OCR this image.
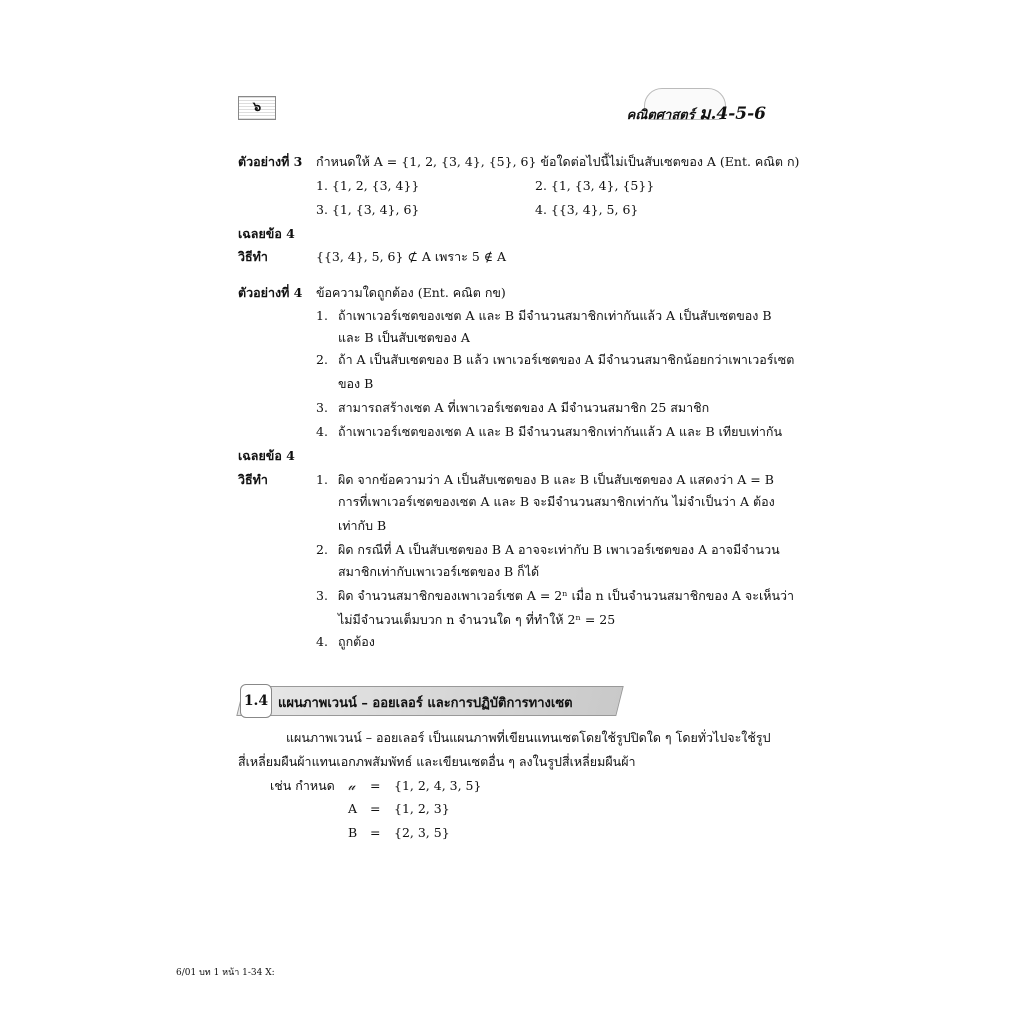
๖
คณิตศาสตร์ ม.4-5-6
ตัวอย่างที่ 3 กำหนดให้ A = {1, 2, {3, 4}, {5}, 6} ข้อใดต่อไปนี้ไม่เป็นสับเซตของ A (Ent. คณิต ก)
1. {1, 2, {3, 4}}	2. {1, {3, 4}, {5}}
3. {1, {3, 4}, 6}	4. {{3, 4}, 5, 6}
เฉลยข้อ 4
วิธีทำ	{{3, 4}, 5, 6} ⊄ A เพราะ 5 ∉ A
ตัวอย่างที่ 4 ข้อความใดถูกต้อง (Ent. คณิต กข)
1. ถ้าเพาเวอร์เซตของเซต A และ B มีจำนวนสมาชิกเท่ากันแล้ว A เป็นสับเซตของ B
และ B เป็นสับเซตของ A
2. ถ้า A เป็นสับเซตของ B แล้ว เพาเวอร์เซตของ A มีจำนวนสมาชิกน้อยกว่าเพาเวอร์เซต
ของ B
3. สามารถสร้างเซต A ที่เพาเวอร์เซตของ A มีจำนวนสมาชิก 25 สมาชิก
4. ถ้าเพาเวอร์เซตของเซต A และ B มีจำนวนสมาชิกเท่ากันแล้ว A และ B เทียบเท่ากัน
เฉลยข้อ 4
วิธีทำ	1. ผิด จากข้อความว่า A เป็นสับเซตของ B และ B เป็นสับเซตของ A แสดงว่า A = B
การที่เพาเวอร์เซตของเซต A และ B จะมีจำนวนสมาชิกเท่ากัน ไม่จำเป็นว่า A ต้อง
เท่ากับ B
2. ผิด กรณีที่ A เป็นสับเซตของ B A อาจจะเท่ากับ B เพาเวอร์เซตของ A อาจมีจำนวน
สมาชิกเท่ากับเพาเวอร์เซตของ B ก็ได้
3. ผิด จำนวนสมาชิกของเพาเวอร์เซต A = 2ⁿ เมื่อ n เป็นจำนวนสมาชิกของ A จะเห็นว่า
ไม่มีจำนวนเต็มบวก n จำนวนใด ๆ ที่ทำให้ 2ⁿ = 25
4. ถูกต้อง
1.4 แผนภาพเวนน์ – ออยเลอร์ และการปฏิบัติการทางเซต
แผนภาพเวนน์ – ออยเลอร์ เป็นแผนภาพที่เขียนแทนเซตโดยใช้รูปปิดใด ๆ โดยทั่วไปจะใช้รูป
สี่เหลี่ยมผืนผ้าแทนเอกภพสัมพัทธ์ และเขียนเซตอื่น ๆ ลงในรูปสี่เหลี่ยมผืนผ้า
เช่น กำหนด 𝓊 = {1, 2, 4, 3, 5}
A = {1, 2, 3}
B = {2, 3, 5}
6/01 บท 1 หน้า 1-34 X:
